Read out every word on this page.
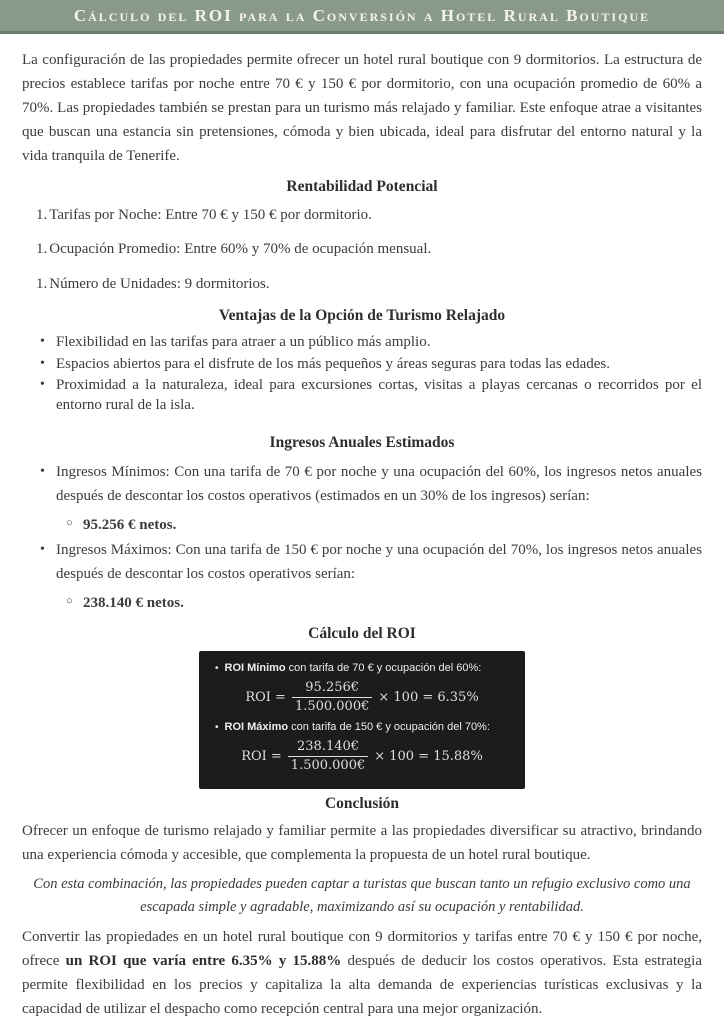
Cálculo del ROI para la Conversión a Hotel Rural Boutique

La configuración de las propiedades permite ofrecer un hotel rural boutique con 9 dormitorios. La estructura de precios establece tarifas por noche entre 70 € y 150 € por dormitorio, con una ocupación promedio de 60% a 70%. Las propiedades también se prestan para un turismo más relajado y familiar. Este enfoque atrae a visitantes que buscan una estancia sin pretensiones, cómoda y bien ubicada, ideal para disfrutar del entorno natural y la vida tranquila de Tenerife.

Rentabilidad Potencial
1. Tarifas por Noche: Entre 70 € y 150 € por dormitorio.
1. Ocupación Promedio: Entre 60% y 70% de ocupación mensual.
1. Número de Unidades: 9 dormitorios.
Ventajas de la Opción de Turismo Relajado
• Flexibilidad en las tarifas para atraer a un público más amplio.
• Espacios abiertos para el disfrute de los más pequeños y áreas seguras para todas las edades.
• Proximidad a la naturaleza, ideal para excursiones cortas, visitas a playas cercanas o recorridos por el entorno rural de la isla.
Ingresos Anuales Estimados
• Ingresos Mínimos: Con una tarifa de 70 € por noche y una ocupación del 60%, los ingresos netos anuales después de descontar los costos operativos (estimados en un 30% de los ingresos) serían:
○ 95.256 € netos.
• Ingresos Máximos: Con una tarifa de 150 € por noche y una ocupación del 70%, los ingresos netos anuales después de descontar los costos operativos serían:
○ 238.140 € netos.
Cálculo del ROI
• ROI Mínimo con tarifa de 70 € y ocupación del 60%:
ROI = $\frac{95.256€}{1.500.000€} \times 100 = 6.35\%$
• ROI Máximo con tarifa de 150 € y ocupación del 70%:
ROI = $\frac{238.140€}{1.500.000€} \times 100 = 15.88\%$
Conclusión

Ofrecer un enfoque de turismo relajado y familiar permite a las propiedades diversificar su atractivo, brindando una experiencia cómoda y accesible, que complementa la propuesta de un hotel rural boutique.

Con esta combinación, las propiedades pueden captar a turistas que buscan tanto un refugio exclusivo como una escapada simple y agradable, maximizando así su ocupación y rentabilidad.

Convertir las propiedades en un hotel rural boutique con 9 dormitorios y tarifas entre 70 € y 150 € por noche, ofrece un ROI que varía entre 6.35% y 15.88% después de deducir los costos operativos. Esta estrategia permite flexibilidad en los precios y capitaliza la alta demanda de experiencias turísticas exclusivas y la capacidad de utilizar el despacho como recepción central para una mejor organización.
